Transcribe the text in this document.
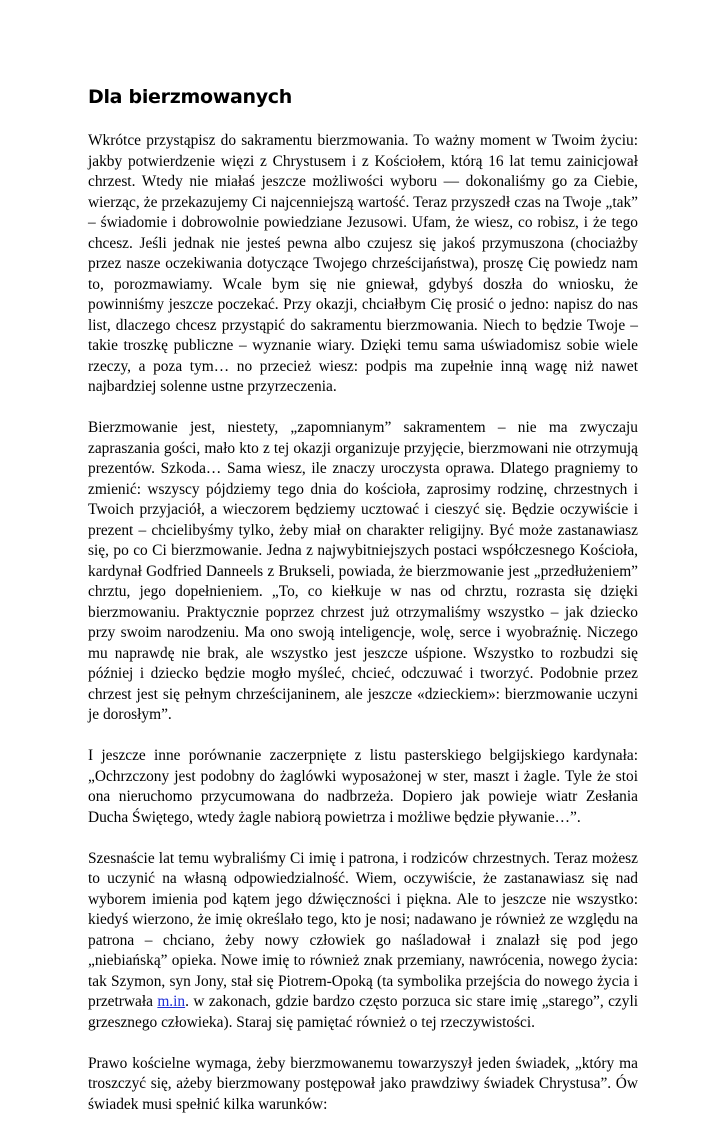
Dla bierzmowanych

Wkrótce przystąpisz do sakramentu bierzmowania. To ważny moment w Twoim życiu: jakby potwierdzenie więzi z Chrystusem i z Kościołem, którą 16 lat temu zainicjował chrzest. Wtedy nie miałaś jeszcze możliwości wyboru — dokonaliśmy go za Ciebie, wierząc, że przekazujemy Ci najcenniejszą wartość. Teraz przyszedł czas na Twoje „tak” – świadomie i dobrowolnie powiedziane Jezusowi. Ufam, że wiesz, co robisz, i że tego chcesz. Jeśli jednak nie jesteś pewna albo czujesz się jakoś przymuszona (chociażby przez nasze oczekiwania dotyczące Twojego chrześcijaństwa), proszę Cię powiedz nam to, porozmawiamy. Wcale bym się nie gniewał, gdybyś doszła do wniosku, że powinniśmy jeszcze poczekać. Przy okazji, chciałbym Cię prosić o jedno: napisz do nas list, dlaczego chcesz przystąpić do sakramentu bierzmowania. Niech to będzie Twoje – takie troszkę publiczne – wyznanie wiary. Dzięki temu sama uświadomisz sobie wiele rzeczy, a poza tym… no przecież wiesz: podpis ma zupełnie inną wagę niż nawet najbardziej solenne ustne przyrzeczenia.

Bierzmowanie jest, niestety, „zapomnianym” sakramentem – nie ma zwyczaju zapraszania gości, mało kto z tej okazji organizuje przyjęcie, bierzmowani nie otrzymują prezentów. Szkoda… Sama wiesz, ile znaczy uroczysta oprawa. Dlatego pragniemy to zmienić: wszyscy pójdziemy tego dnia do kościoła, zaprosimy rodzinę, chrzestnych i Twoich przyjaciół, a wieczorem będziemy ucztować i cieszyć się. Będzie oczywiście i prezent – chcielibyśmy tylko, żeby miał on charakter religijny. Być może zastanawiasz się, po co Ci bierzmowanie. Jedna z najwybitniejszych postaci współczesnego Kościoła, kardynał Godfried Danneels z Brukseli, powiada, że bierzmowanie jest „przedłużeniem” chrztu, jego dopełnieniem. „To, co kiełkuje w nas od chrztu, rozrasta się dzięki bierzmowaniu. Praktycznie poprzez chrzest już otrzymaliśmy wszystko – jak dziecko przy swoim narodzeniu. Ma ono swoją inteligencje, wolę, serce i wyobraźnię. Niczego mu naprawdę nie brak, ale wszystko jest jeszcze uśpione. Wszystko to rozbudzi się później i dziecko będzie mogło myśleć, chcieć, odczuwać i tworzyć. Podobnie przez chrzest jest się pełnym chrześcijaninem, ale jeszcze «dzieckiem»: bierzmowanie uczyni je dorosłym”.

I jeszcze inne porównanie zaczerpnięte z listu pasterskiego belgijskiego kardynała: „Ochrzczony jest podobny do żaglówki wyposażonej w ster, maszt i żagle. Tyle że stoi ona nieruchomo przycumowana do nadbrzeża. Dopiero jak powieje wiatr Zesłania Ducha Świętego, wtedy żagle nabiorą powietrza i możliwe będzie pływanie…”.

Szesnaście lat temu wybraliśmy Ci imię i patrona, i rodziców chrzestnych. Teraz możesz to uczynić na własną odpowiedzialność. Wiem, oczywiście, że zastanawiasz się nad wyborem imienia pod kątem jego dźwięczności i piękna. Ale to jeszcze nie wszystko: kiedyś wierzono, że imię określało tego, kto je nosi; nadawano je również ze względu na patrona – chciano, żeby nowy człowiek go naśladował i znalazł się pod jego „niebiańską” opieka. Nowe imię to również znak przemiany, nawrócenia, nowego życia: tak Szymon, syn Jony, stał się Piotrem-Opoką (ta symbolika przejścia do nowego życia i przetrwała m.in. w zakonach, gdzie bardzo często porzuca sic stare imię „starego”, czyli grzesznego człowieka). Staraj się pamiętać również o tej rzeczywistości.

Prawo kościelne wymaga, żeby bierzmowanemu towarzyszył jeden świadek, „który ma troszczyć się, ażeby bierzmowany postępował jako prawdziwy świadek Chrystusa”. Ów świadek musi spełnić kilka warunków:
